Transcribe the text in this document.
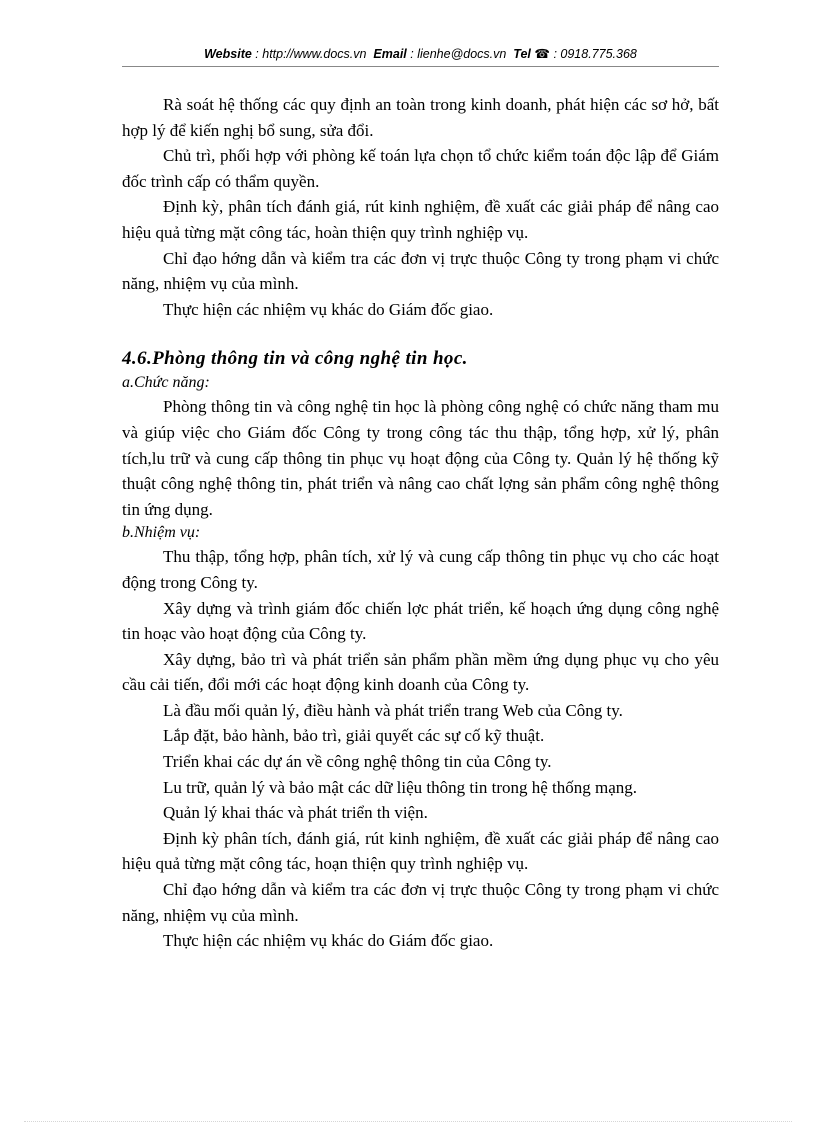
Website : http://www.docs.vn Email : lienhe@docs.vn Tel ☎ : 0918.775.368

Rà soát hệ thống các quy định an toàn trong kinh doanh, phát hiện các sơ hở, bất hợp lý để kiến nghị bổ sung, sửa đổi.

Chủ trì, phối hợp với phòng kế toán lựa chọn tổ chức kiểm toán độc lập để Giám đốc trình cấp có thẩm quyền.

Định kỳ, phân tích đánh giá, rút kinh nghiệm, đề xuất các giải pháp để nâng cao hiệu quả từng mặt công tác, hoàn thiện quy trình nghiệp vụ.

Chỉ đạo hớng dẫn và kiểm tra các đơn vị trực thuộc Công ty trong phạm vi chức năng, nhiệm vụ của mình.

Thực hiện các nhiệm vụ khác do Giám đốc giao.

4.6.Phòng thông tin và công nghệ tin học.

a.Chức năng:

Phòng thông tin và công nghệ tin học là phòng công nghệ có chức năng tham mu và giúp việc cho Giám đốc Công ty trong công tác thu thập, tổng hợp, xử lý, phân tích,lu trữ và cung cấp thông tin phục vụ hoạt động của Công ty. Quản lý hệ thống kỹ thuật công nghệ thông tin, phát triển và nâng cao chất lợng sản phẩm công nghệ thông tin ứng dụng.

b.Nhiệm vụ:

Thu thập, tổng hợp, phân tích, xử lý và cung cấp thông tin phục vụ cho các hoạt động trong Công ty.

Xây dựng và trình giám đốc chiến lợc phát triển, kế hoạch ứng dụng công nghệ tin hoạc vào hoạt động của Công ty.

Xây dựng, bảo trì và phát triển sản phẩm phần mềm ứng dụng phục vụ cho yêu cầu cải tiến, đổi mới các hoạt động kinh doanh của Công ty.

Là đầu mối quản lý, điều hành và phát triển trang Web của Công ty.

Lắp đặt, bảo hành, bảo trì, giải quyết các sự cố kỹ thuật.

Triển khai các dự án về công nghệ thông tin của Công ty.

Lu trữ, quản lý và bảo mật các dữ liệu thông tin trong hệ thống mạng.

Quản lý khai thác và phát triển th viện.

Định kỳ phân tích, đánh giá, rút kinh nghiệm, đề xuất các giải pháp để nâng cao hiệu quả từng mặt công tác, hoạn thiện quy trình nghiệp vụ.

Chỉ đạo hớng dẫn và kiểm tra các đơn vị trực thuộc Công ty trong phạm vi chức năng, nhiệm vụ của mình.

Thực hiện các nhiệm vụ khác do Giám đốc giao.
